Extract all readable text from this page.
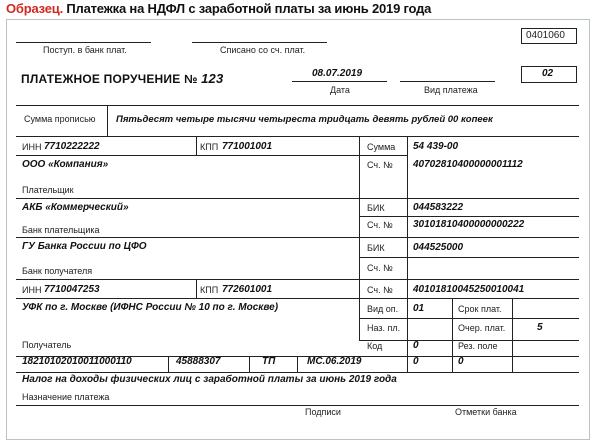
Образец. Платежка на НДФЛ с заработной платы за июнь 2019 года
0401060
Поступ. в банк плат.	Списано со сч. плат.
ПЛАТЕЖНОЕ ПОРУЧЕНИЕ № 123	08.07.2019
Дата	Вид платежа
02
Сумма прописью Пятьдесят четыре тысячи четыреста тридцать девять рублей 00 копеек
ИНН 7710222222	КПП 771001001	Сумма 54 439-00
Сч. № 40702810400000001112
ООО «Компания»
Плательщик
АКБ «Коммерческий»	БИК	044583222
Сч. № 30101810400000000222
Банк плательщика
ГУ Банка России по ЦФО	БИК	044525000
Сч. №
Банк получателя
ИНН 7710047253	КПП 772601001	Сч. № 40101810045250010041
УФК по г. Москве (ИФНС России № 10 по г. Москве)	Вид оп. 01	Срок плат.
Наз. пл.	Очер. плат.	5
Получатель	Код	0	Рез. поле
18210102010011000110	45888307	ТП	МС.06.2019	0	0
Налог на доходы физических лиц с заработной платы за июнь 2019 года
Назначение платежа
Подписи	Отметки банка
